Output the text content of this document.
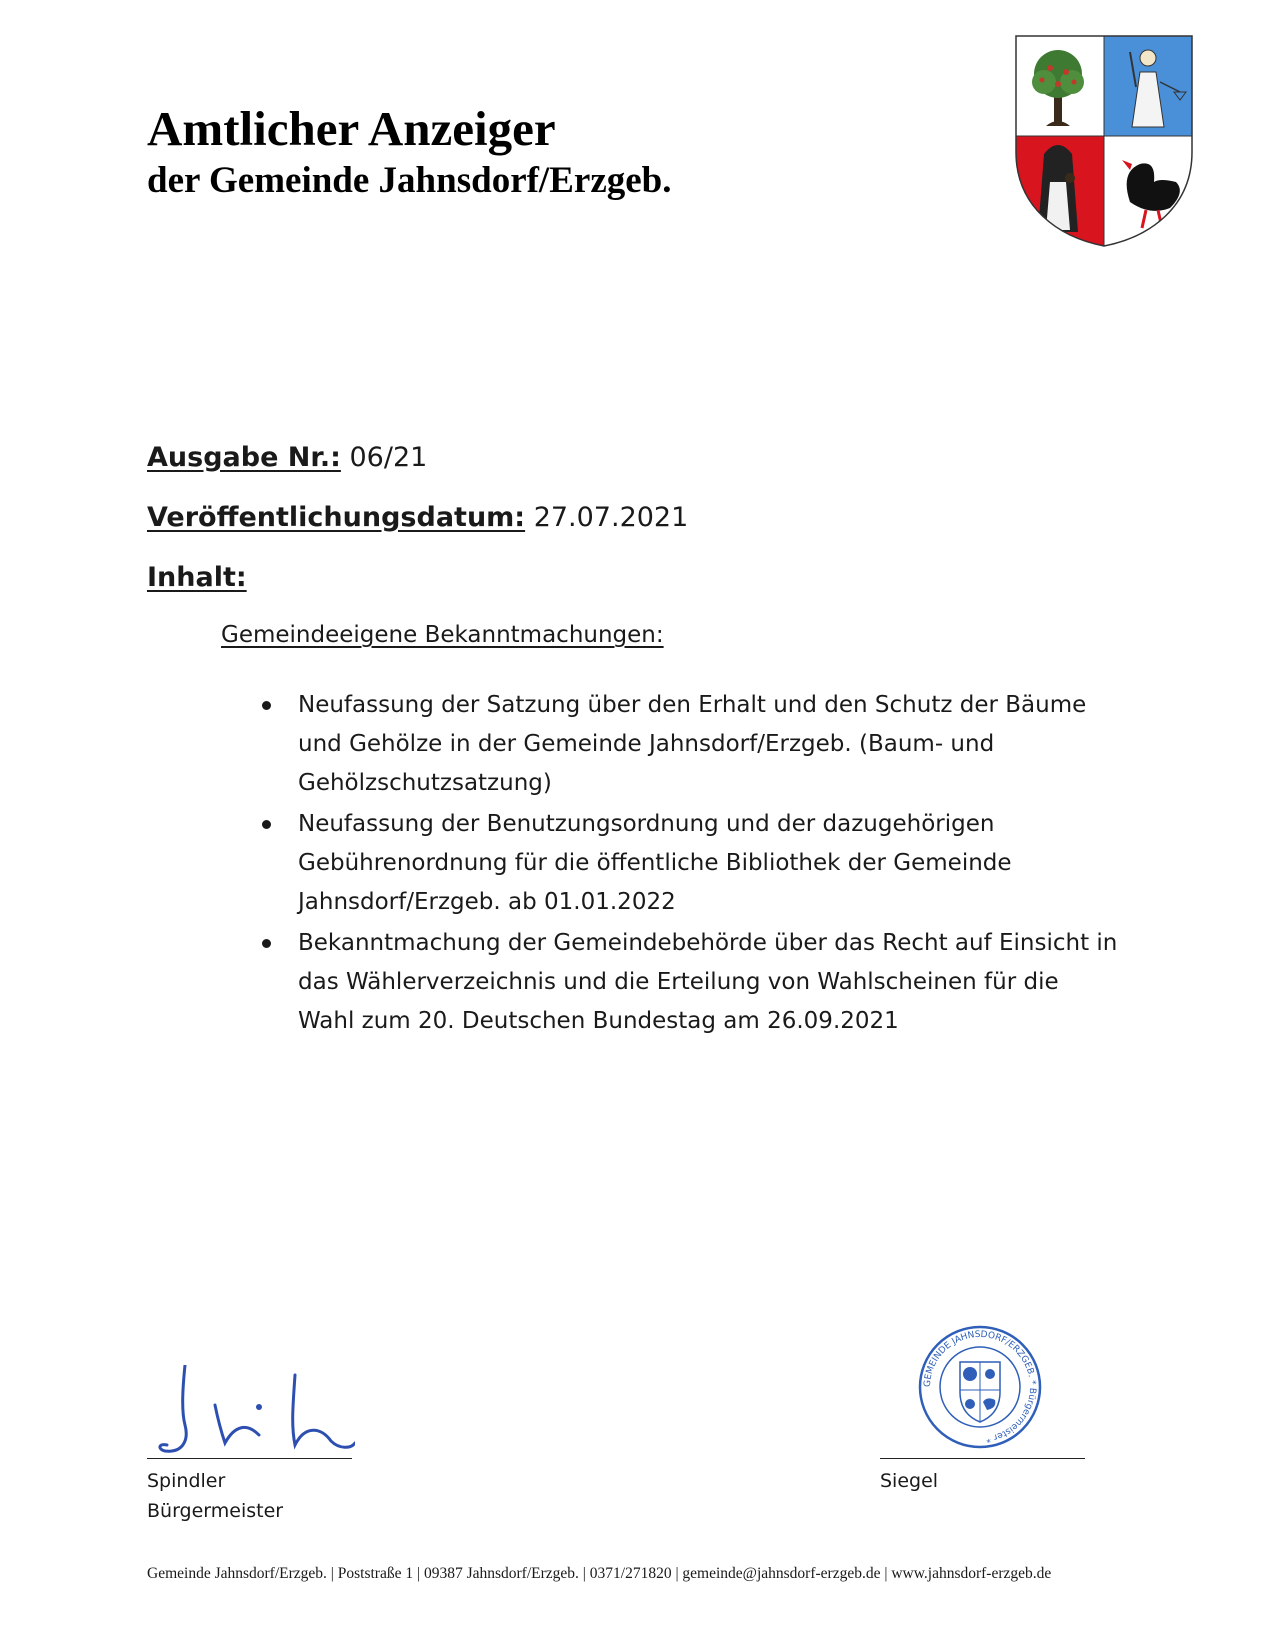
Amtlicher Anzeiger
der Gemeinde Jahnsdorf/Erzgeb.
Ausgabe Nr.: 06/21
Veröffentlichungsdatum: 27.07.2021
Inhalt:
Gemeindeeigene Bekanntmachungen:
Neufassung der Satzung über den Erhalt und den Schutz der Bäume und Gehölze in der Gemeinde Jahnsdorf/Erzgeb. (Baum- und Gehölzschutzsatzung)
Neufassung der Benutzungsordnung und der dazugehörigen Gebührenordnung für die öffentliche Bibliothek der Gemeinde Jahnsdorf/Erzgeb. ab 01.01.2022
Bekanntmachung der Gemeindebehörde über das Recht auf Einsicht in das Wählerverzeichnis und die Erteilung von Wahlscheinen für die Wahl zum 20. Deutschen Bundestag am 26.09.2021
Spindler
Bürgermeister
GEMEINDE JAHNSDORF/ERZGEB. * Bürgermeister *
Siegel
Gemeinde Jahnsdorf/Erzgeb. | Poststraße 1 | 09387 Jahnsdorf/Erzgeb. | 0371/271820 | gemeinde@jahnsdorf-erzgeb.de | www.jahnsdorf-erzgeb.de
